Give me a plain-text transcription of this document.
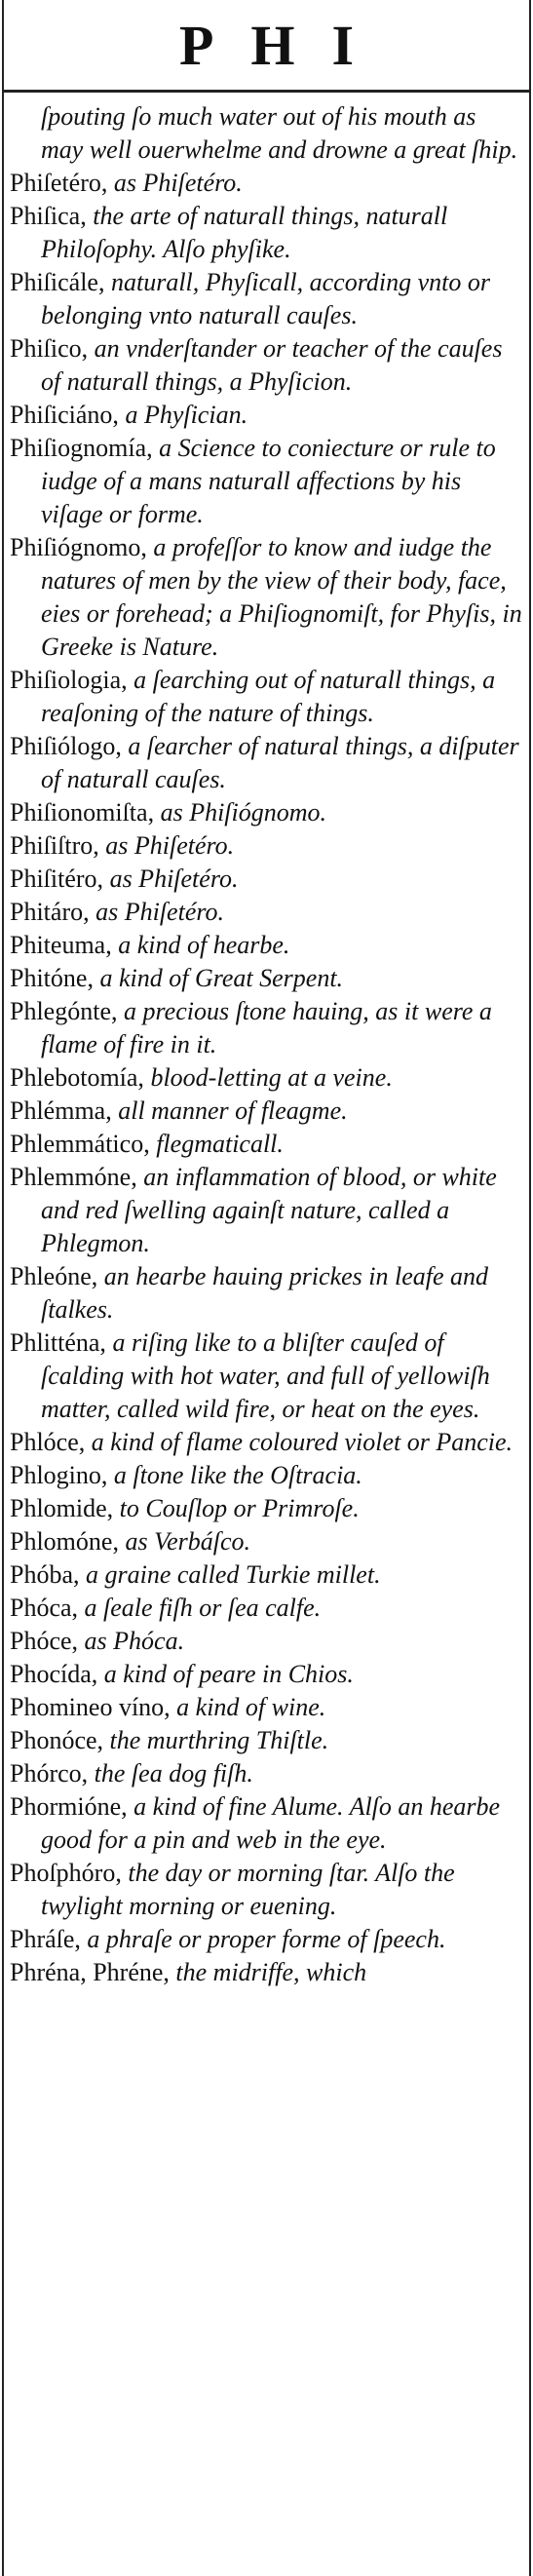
PHI
ſpouting ſo much water out of his mouth as may well ouerwhelme and drowne a great ſhip.
Phiſetéro, as Phiſetéro.
Phiſica, the arte of naturall things, naturall Philoſophy. Alſo phyſike.
Phiſicále, naturall, Phyſicall, according vnto or belonging vnto naturall cauſes.
Phiſico, an vnderſtander or teacher of the cauſes of naturall things, a Phyſicion.
Phiſiciáno, a Phyſician.
Phiſiognomía, a Science to coniecture or rule to iudge of a mans naturall affections by his viſage or forme.
Phiſiógnomo, a profeſſor to know and iudge the natures of men by the view of their body, face, eies or forehead; a Phiſiognomiſt, for Phyſis, in Greeke is Nature.
Phiſiologia, a ſearching out of naturall things, a reaſoning of the nature of things.
Phiſiólogo, a ſearcher of natural things, a diſputer of naturall cauſes.
Phiſionomiſta, as Phiſiógnomo.
Phiſiſtro, as Phiſetéro.
Phiſitéro, as Phiſetéro.
Phitáro, as Phiſetéro.
Phiteuma, a kind of hearbe.
Phitóne, a kind of Great Serpent.
Phlegónte, a precious ſtone hauing, as it were a flame of fire in it.
Phlebotomía, blood-letting at a veine.
Phlémma, all manner of fleagme.
Phlemmático, flegmaticall.
Phlemmóne, an inflammation of blood, or white and red ſwelling againſt nature, called a Phlegmon.
Phleóne, an hearbe hauing prickes in leafe and ſtalkes.
Phlitténa, a riſing like to a bliſter cauſed of ſcalding with hot water, and full of yellowiſh matter, called wild fire, or heat on the eyes.
Phlóce, a kind of flame coloured violet or Pancie.
Phlogino, a ſtone like the Oſtracia.
Phlomide, to Couſlop or Primroſe.
Phlomóne, as Verbáſco.
Phóba, a graine called Turkie millet.
Phóca, a ſeale fiſh or ſea calfe.
Phóce, as Phóca.
Phocída, a kind of peare in Chios.
Phomineo víno, a kind of wine.
Phonóce, the murthring Thiſtle.
Phórco, the ſea dog fiſh.
Phormióne, a kind of fine Alume. Alſo an hearbe good for a pin and web in the eye.
Phoſphóro, the day or morning ſtar. Alſo the twylight morning or euening.
Phráſe, a phraſe or proper forme of ſpeech.
Phréna, Phréne, the midriffe, which
